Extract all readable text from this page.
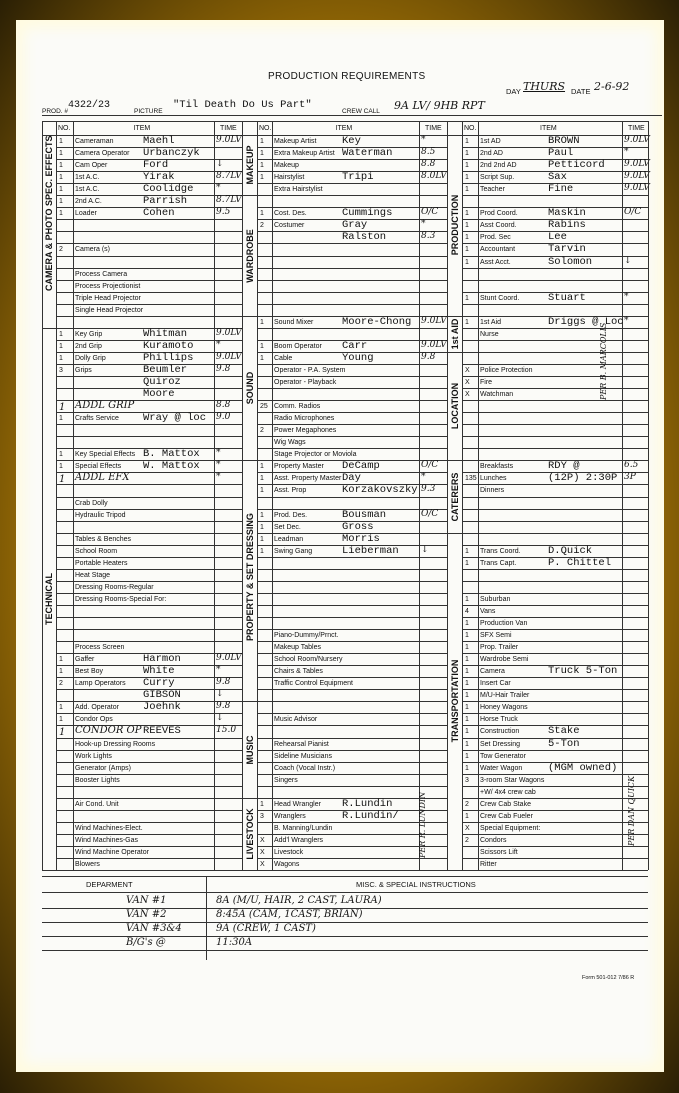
PRODUCTION REQUIREMENTS
DAY THURS DATE 2-6-92
PROD. #
4322/23
PICTURE
"Til Death Do Us Part"
CREW CALL 9A LV/ 9HB RPT
NO.	ITEM	TIME
1 Cameraman	Maehl	9.0LV
1 Camera Operator Urbanczyk
1 Cam Oper	Ford	↓
1 1st A.C.	Yirak	8.7LV
1 1st A.C.	Coolidge	*
1 2nd A.C.	Parrish	8.7LV
1 Loader	Cohen	9.5
2 Camera (s)
Process Camera
Process Projectionist
Triple Head Projector
Single Head Projector
1 Key Grip	Whitman	9.0LV
1 2nd Grip	Kuramoto	*
1 Dolly Grip	Phillips	9.0LV
3 Grips	Beumler	9.8
Quiroz
Moore
1 ADDL GRIP	8.8
1 Crafts Service Wray @ loc 9.0
1 Key Special Effects B. Mattox *
1 Special Effects W. Mattox *
1 ADDL EFX	*
Crab Dolly
Hydraulic Tripod
Tables & Benches
School Room
Portable Heaters
Heat Stage
Dressing Rooms-Regular
Dressing Rooms-Special For:
Process Screen
1 Gaffer	Harmon	9.0LV
1 Best Boy	White	*
2 Lamp Operators Curry	9.8
GIBSON	↓
1 Add. Operator Joehnk	9.8
1 Condor Ops	↓
1 CONDOR OP REEVES	15.0
Hook-up Dressing Rooms
Work Lights
Generator (Amps)
Booster Lights
Air Cond. Unit
Wind Machines-Elect.
Wind Machines-Gas
Wind Machine Operator
Blowers
NO.	ITEM	TIME
1 Makeup Artist Key	*
1 Extra Makeup Artist Waterman	8.5
1 Makeup	8.8
1 Hairstylist	Tripi	8.0LV
Extra Hairstylist
1 Cost. Des.	Cummings	O/C
2 Costumer	Gray	*
Ralston	8.3
1 Sound Mixer	Moore-Chong 9.0LV
1 Boom Operator Carr	9.0LV
1 Cable	Young	9.8
Operator - P.A. System
Operator - Playback
25 Comm. Radios
Radio Microphones
2 Power Megaphones
Wig Wags
Stage Projector or Moviola
1 Property Master DeCamp	O/C
1 Asst. Property Master Day	*
1 Asst. Prop	Korzakovszky 9.3
1 Prod. Des.	Bousman	O/C
1 Set Dec.	Gross
1 Leadman	Morris
1 Swing Gang	Lieberman ↓
Piano-Dummy/Prnct.
Makeup Tables
School Room/Nursery
Chairs & Tables
Traffic Control Equipment
Music Advisor
Rehearsal Pianist
Sideline Musicians
Coach (Vocal Instr.)
Singers
1 Head Wrangler R.Lundin
3 Wranglers	R.Lundin/
B. Manning/Lundin
X Add'l Wranglers
X Livestock
X Wagons
NO.	ITEM	TIME
1 1st AD	BROWN	9.0LV
1 2nd AD	Paul	*
1 2nd 2nd AD	Petticord 9.0LV
1 Script Sup.	Sax	9.0LV
1 Teacher	Fine	9.0LV
1 Prod Coord.	Maskin	O/C
1 Asst Coord.	Rabins
1 Prod. Sec	Lee
1 Accountant	Tarvin
1 Asst Acct.	Solomon	↓
1 Stunt Coord.	Stuart	*
1 1st Aid	Driggs @ Loc *
Nurse
X Police Protection
X Fire
X Watchman
Breakfasts	RDY @	6.5
135 Lunches	(12P) 2:30P 3P
Dinners
1 Trans Coord.	D.Quick
1 Trans Capt.	P. Chittel
1 Suburban
4 Vans
1 Production Van
1 SFX Semi
1 Prop. Trailer
1 Wardrobe Semi
1 Camera	Truck 5-Ton
1 Insert Car
1 M/U-Hair Trailer
1 Honey Wagons
1 Horse Truck
1 Construction	Stake
1 Set Dressing	5-Ton
1 Tow Generator
1 Water Wagon (MGM owned)
3 3-room Star Wagons
+W/ 4x4 crew cab
2 Crew Cab Stake
1 Crew Cab Fueler
X Special Equipment:
2 Condors
Scissors Lift
Ritter
CAMERA & PHOTO SPEC. EFFECTS
TECHNICAL
MAKEUP
WARDROBE
SOUND
PROPERTY & SET DRESSING
MUSIC
LIVESTOCK
PRODUCTION
1st AID
LOCATION
CATERERS
TRANSPORTATION
PER B. MARCOLIS
PER R. LUNDIN	PER DAN QUICK
DEPARMENT	MISC. & SPECIAL INSTRUCTIONS
VAN #1	8A (M/U, HAIR, 2 CAST, LAURA)
VAN #2	8:45A (CAM, 1CAST, BRIAN)
VAN #3&4	9A (CREW, 1 CAST)
B/G's @	11:30A
Form 501-012 7/86 R
